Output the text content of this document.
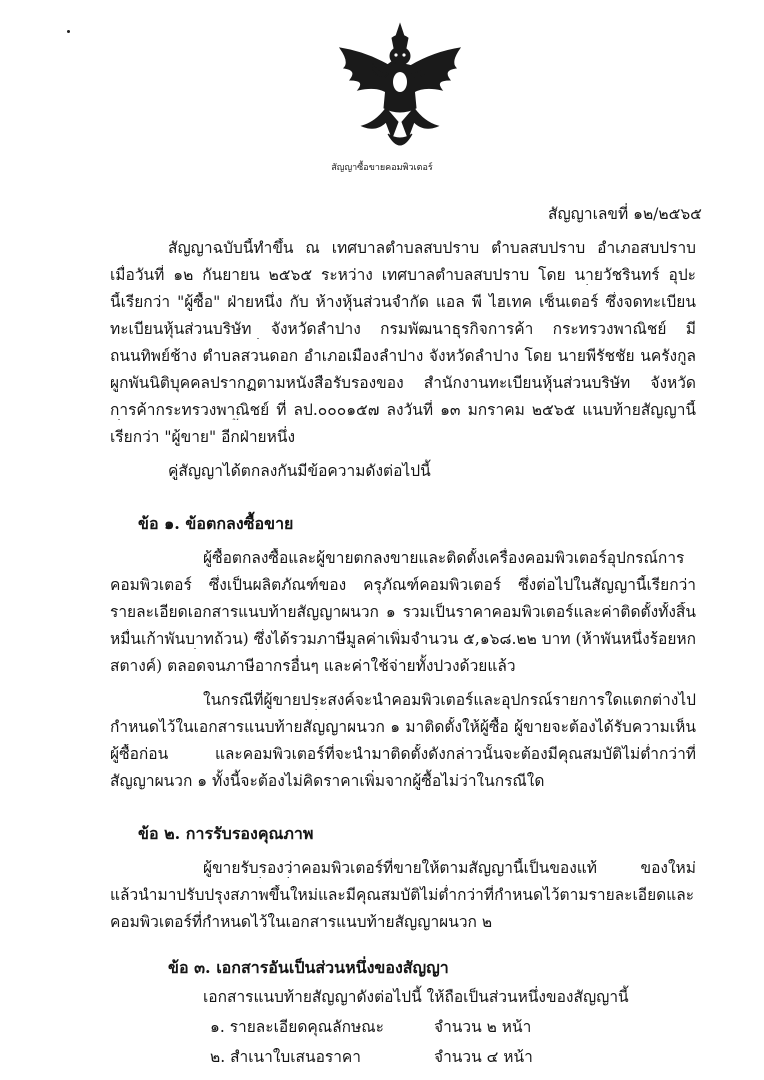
สัญญาซื้อขายคอมพิวเตอร์
สัญญาเลขที่ ๑๒/๒๕๖๕
สัญญาฉบับนี้ทำขึ้น ณ เทศบาลตำบลสบปราบ ตำบลสบปราบ อำเภอสบปราบ
เมื่อวันที่ ๑๒ กันยายน ๒๕๖๕ ระหว่าง เทศบาลตำบลสบปราบ โดย นายวัชรินทร์ อุปะ
นี้เรียกว่า "ผู้ซื้อ" ฝ่ายหนึ่ง กับ ห้างหุ้นส่วนจำกัด แอล พี ไฮเทค เซ็นเตอร์ ซึ่งจดทะเบียน
ทะเบียนหุ้นส่วนบริษัท จังหวัดลำปาง กรมพัฒนาธุรกิจการค้า กระทรวงพาณิชย์ มี
ถนนทิพย์ช้าง ตำบลสวนดอก อำเภอเมืองลำปาง จังหวัดลำปาง โดย นายพีรัชชัย นครังกูล
ผูกพันนิติบุคคลปรากฏตามหนังสือรับรองของ สำนักงานทะเบียนหุ้นส่วนบริษัท จังหวัด
การค้ากระทรวงพาณิชย์ ที่ ลป.๐๐๐๑๕๗ ลงวันที่ ๑๓ มกราคม ๒๕๖๕ แนบท้ายสัญญานี้
เรียกว่า "ผู้ขาย" อีกฝ่ายหนึ่ง
คู่สัญญาได้ตกลงกันมีข้อความดังต่อไปนี้
ข้อ ๑. ข้อตกลงซื้อขาย
ผู้ซื้อตกลงซื้อและผู้ขายตกลงขายและติดตั้งเครื่องคอมพิวเตอร์อุปกรณ์การ
คอมพิวเตอร์ ซึ่งเป็นผลิตภัณฑ์ของ ครุภัณฑ์คอมพิวเตอร์ ซึ่งต่อไปในสัญญานี้เรียกว่า
รายละเอียดเอกสารแนบท้ายสัญญาผนวก ๑ รวมเป็นราคาคอมพิวเตอร์และค่าติดตั้งทั้งสิ้น
หมื่นเก้าพันบาทถ้วน) ซึ่งได้รวมภาษีมูลค่าเพิ่มจำนวน ๕,๑๖๘.๒๒ บาท (ห้าพันหนึ่งร้อยหก
สตางค์) ตลอดจนภาษีอากรอื่นๆ และค่าใช้จ่ายทั้งปวงด้วยแล้ว
ในกรณีที่ผู้ขายประสงค์จะนำคอมพิวเตอร์และอุปกรณ์รายการใดแตกต่างไป
กำหนดไว้ในเอกสารแนบท้ายสัญญาผนวก ๑ มาติดตั้งให้ผู้ซื้อ ผู้ขายจะต้องได้รับความเห็น
ผู้ซื้อก่อน และคอมพิวเตอร์ที่จะนำมาติดตั้งดังกล่าวนั้นจะต้องมีคุณสมบัติไม่ต่ำกว่าที่
สัญญาผนวก ๑ ทั้งนี้จะต้องไม่คิดราคาเพิ่มจากผู้ซื้อไม่ว่าในกรณีใด
ข้อ ๒. การรับรองคุณภาพ
ผู้ขายรับรองว่าคอมพิวเตอร์ที่ขายให้ตามสัญญานี้เป็นของแท้ ของใหม่
แล้วนำมาปรับปรุงสภาพขึ้นใหม่และมีคุณสมบัติไม่ต่ำกว่าที่กำหนดไว้ตามรายละเอียดและ
คอมพิวเตอร์ที่กำหนดไว้ในเอกสารแนบท้ายสัญญาผนวก ๒
ข้อ ๓. เอกสารอันเป็นส่วนหนึ่งของสัญญา
เอกสารแนบท้ายสัญญาดังต่อไปนี้ ให้ถือเป็นส่วนหนึ่งของสัญญานี้
๑. รายละเอียดคุณลักษณะ	จำนวน ๒ หน้า
๒. สำเนาใบเสนอราคา	จำนวน ๔ หน้า
